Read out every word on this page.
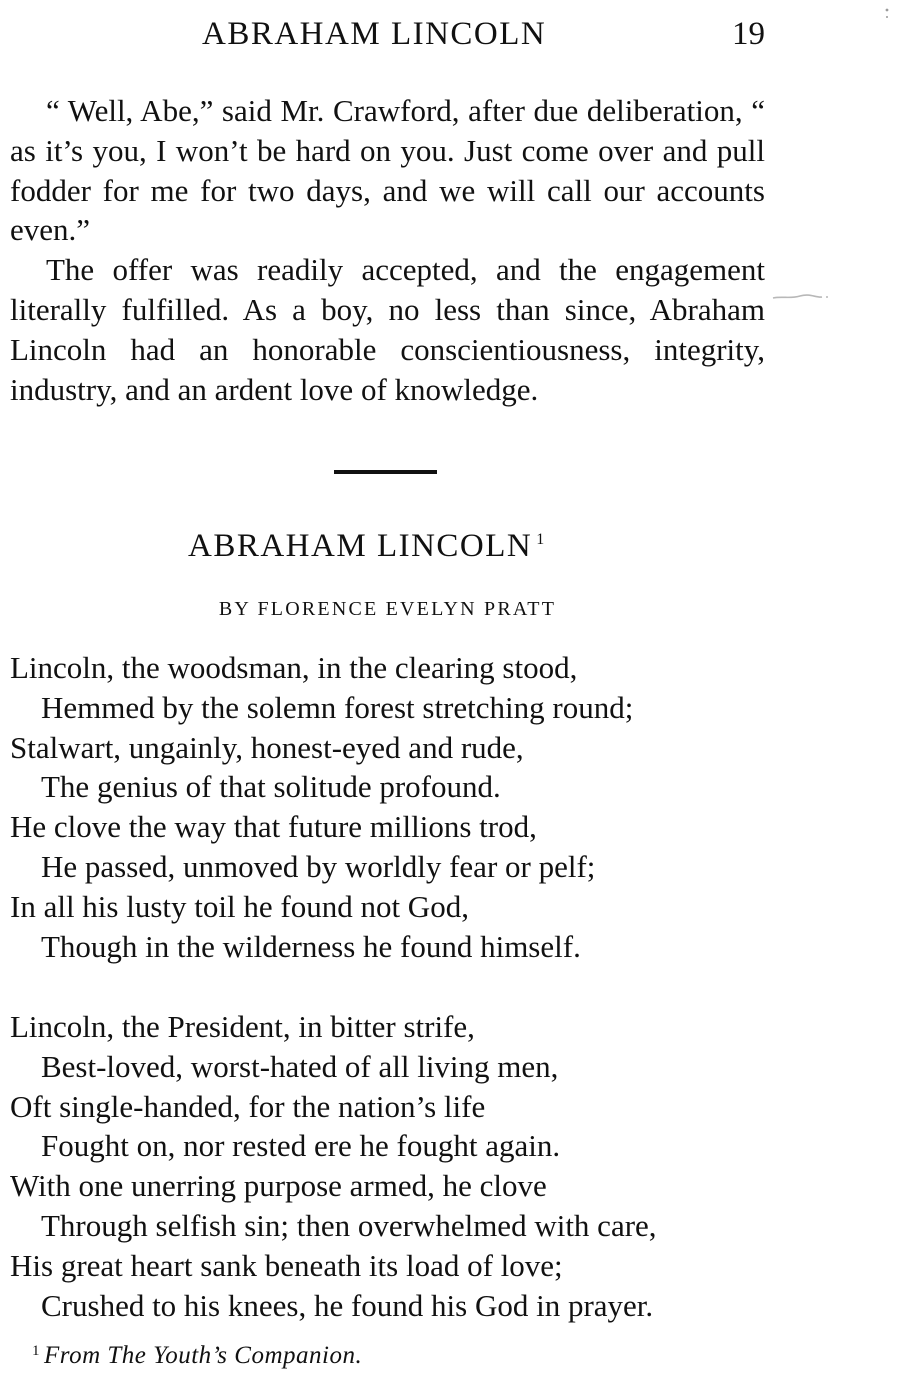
ABRAHAM LINCOLN	19

“ Well, Abe,” said Mr. Crawford, after due deliberation, “ as it’s you, I won’t be hard on you. Just come over and pull fodder for me for two days, and we will call our accounts even.”

The offer was readily accepted, and the engagement literally fulfilled. As a boy, no less than since, Abraham Lincoln had an honorable conscientiousness, integrity, industry, and an ardent love of knowledge.

ABRAHAM LINCOLN $^1$
BY FLORENCE EVELYN PRATT
Lincoln, the woodsman, in the clearing stood,
Hemmed by the solemn forest stretching round;
Stalwart, ungainly, honest-eyed and rude,
The genius of that solitude profound.
He clove the way that future millions trod,
He passed, unmoved by worldly fear or pelf;
In all his lusty toil he found not God,
Though in the wilderness he found himself.
Lincoln, the President, in bitter strife,
Best-loved, worst-hated of all living men,
Oft single-handed, for the nation’s life
Fought on, nor rested ere he fought again.
With one unerring purpose armed, he clove
Through selfish sin; then overwhelmed with care,
His great heart sank beneath its load of love;
Crushed to his knees, he found his God in prayer.
$^1$ From The Youth’s Companion.
